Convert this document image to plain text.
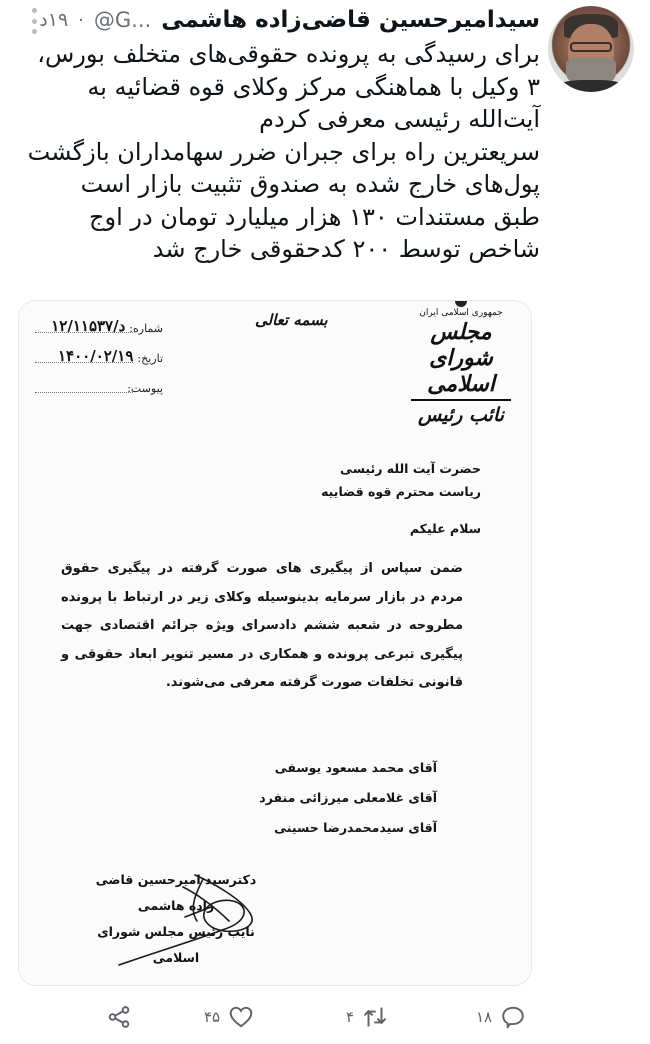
سیدامیرحسین قاضی‌زاده هاشمی
@G...
·
۱۹د
برای رسیدگی به پرونده حقوقی‌های متخلف بورس،
۳ وکیل با هماهنگی مرکز وکلای قوه قضائیه به
آیت‌الله رئیسی معرفی کردم
سریعترین راه برای جبران ضرر سهامداران بازگشت
پول‌های خارج شده به صندوق تثبیت بازار است
طبق مستندات ۱۳۰ هزار میلیارد تومان در اوج
شاخص توسط ۲۰۰ کدحقوقی خارج شد
شماره:
د/۱۲/۱۱۵۳۷
تاریخ:
۱۴۰۰/۰۲/۱۹
پیوست:
بسمه تعالی	جمهوری اسلامی ایران
مجلس شورای اسلامی
نائب رئیس
حضرت آیت الله رئیسی
ریاست محترم قوه قضاییه
سلام علیکم
ضمن سپاس از پیگیری های صورت گرفته در پیگیری حقوق مردم در بازار سرمایه بدینوسیله وکلای زیر در ارتباط با پرونده مطروحه در شعبه ششم دادسرای ویژه جرائم اقتصادی جهت پیگیری تبرعی پرونده و همکاری در مسیر تنویر ابعاد حقوقی و قانونی تخلفات صورت گرفته معرفی می‌شوند.
آقای محمد مسعود یوسفی
آقای غلامعلی میرزائی منفرد
آقای سیدمحمدرضا حسینی
دکترسید امیرحسین قاضی زاده هاشمی
نایب رئیس مجلس شورای اسلامی
۴۵	۴	۱۸
